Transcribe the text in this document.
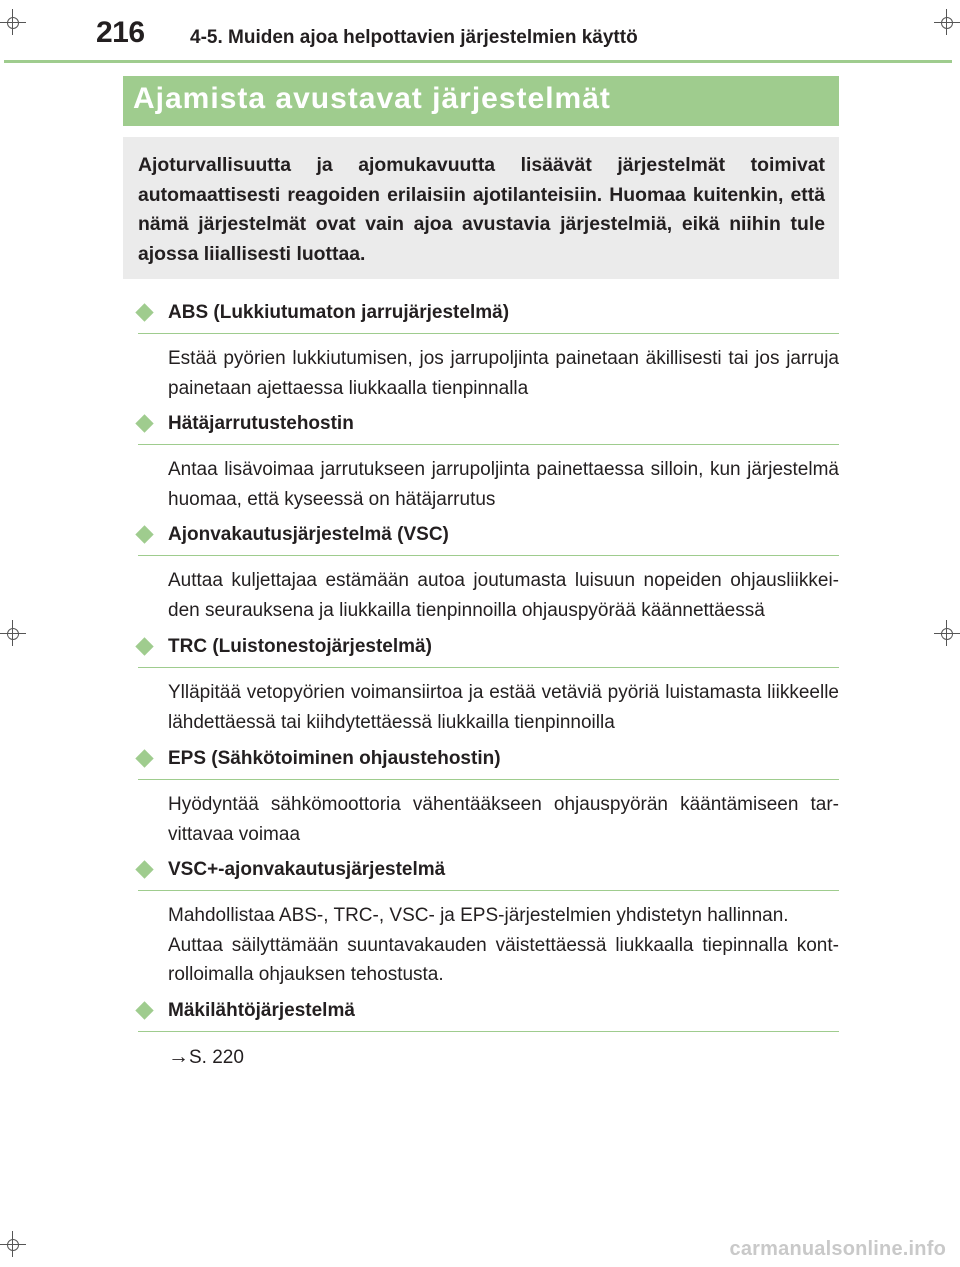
216 4-5. Muiden ajoa helpottavien järjestelmien käyttö
Ajamista avustavat järjestelmät

Ajoturvallisuutta ja ajomukavuutta lisäävät järjestelmät toimivat automaattisesti reagoiden erilaisiin ajotilanteisiin. Huomaa kuitenkin, että nämä järjestelmät ovat vain ajoa avustavia järjestelmiä, eikä niihin tule ajossa liiallisesti luottaa.

ABS (Lukkiutumaton jarrujärjestelmä)

Estää pyörien lukkiutumisen, jos jarrupoljinta painetaan äkillisesti tai jos jarruja painetaan ajettaessa liukkaalla tienpinnalla

Hätäjarrutustehostin

Antaa lisävoimaa jarrutukseen jarrupoljinta painettaessa silloin, kun järjestelmä huomaa, että kyseessä on hätäjarrutus

Ajonvakautusjärjestelmä (VSC)

Auttaa kuljettajaa estämään autoa joutumasta luisuun nopeiden ohjausliikkeiden seurauksena ja liukkailla tienpinnoilla ohjauspyörää käännettäessä

TRC (Luistonestojärjestelmä)

Ylläpitää vetopyörien voimansiirtoa ja estää vetäviä pyöriä luistamasta liikkeelle lähdettäessä tai kiihdytettäessä liukkailla tienpinnoilla

EPS (Sähkötoiminen ohjaustehostin)

Hyödyntää sähkömoottoria vähentääkseen ohjauspyörän kääntämiseen tarvittavaa voimaa

VSC+-ajonvakautusjärjestelmä

Mahdollistaa ABS-, TRC-, VSC- ja EPS-järjestelmien yhdistetyn hallinnan.

Auttaa säilyttämään suuntavakauden väistettäessä liukkaalla tiepinnalla kontrolloimalla ohjauksen tehostusta.

Mäkilähtöjärjestelmä

→S. 220

carmanualsonline.info
